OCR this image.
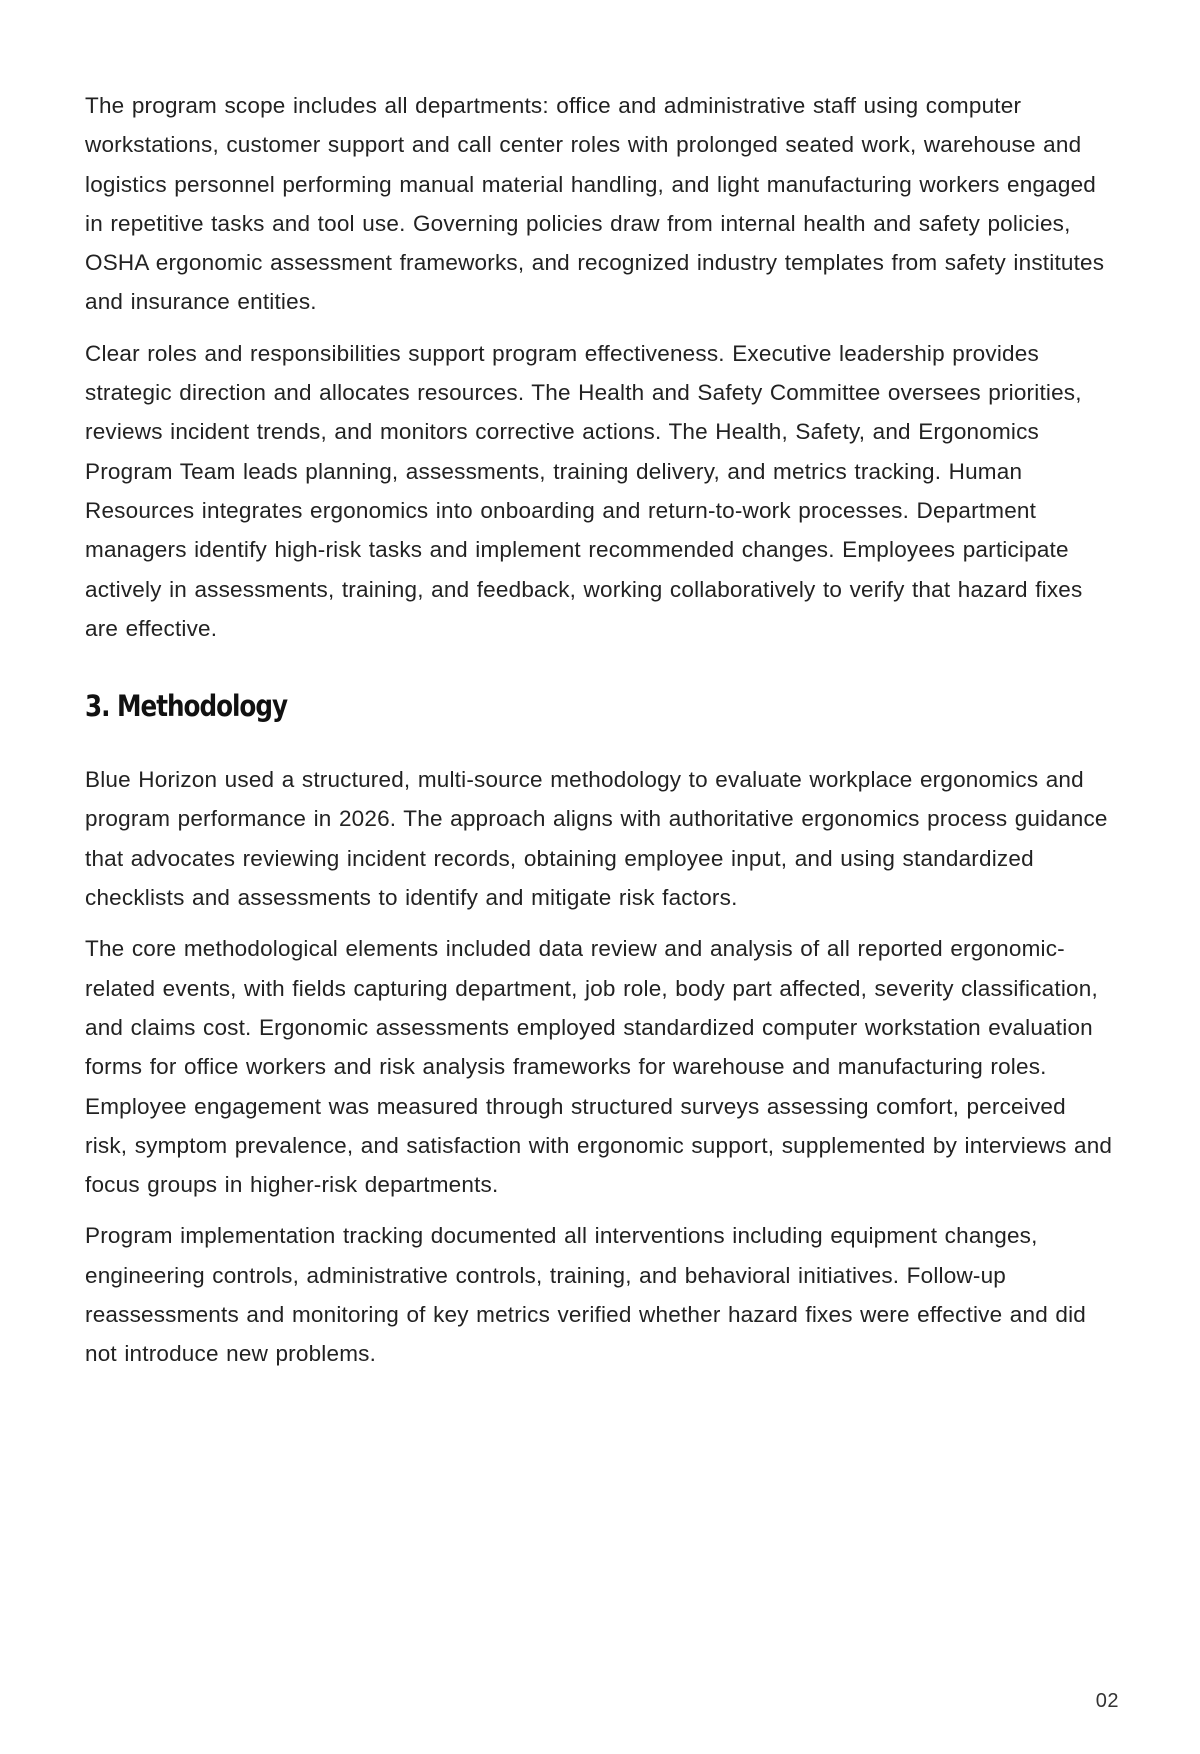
The program scope includes all departments: office and administrative staff using computer workstations, customer support and call center roles with prolonged seated work, warehouse and logistics personnel performing manual material handling, and light manufacturing workers engaged in repetitive tasks and tool use. Governing policies draw from internal health and safety policies, OSHA ergonomic assessment frameworks, and recognized industry templates from safety institutes and insurance entities.

Clear roles and responsibilities support program effectiveness. Executive leadership provides strategic direction and allocates resources. The Health and Safety Committee oversees priorities, reviews incident trends, and monitors corrective actions. The Health, Safety, and Ergonomics Program Team leads planning, assessments, training delivery, and metrics tracking. Human Resources integrates ergonomics into onboarding and return-to-work processes. Department managers identify high-risk tasks and implement recommended changes. Employees participate actively in assessments, training, and feedback, working collaboratively to verify that hazard fixes are effective.

3. Methodology

Blue Horizon used a structured, multi-source methodology to evaluate workplace ergonomics and program performance in 2026. The approach aligns with authoritative ergonomics process guidance that advocates reviewing incident records, obtaining employee input, and using standardized checklists and assessments to identify and mitigate risk factors.

The core methodological elements included data review and analysis of all reported ergonomic-related events, with fields capturing department, job role, body part affected, severity classification, and claims cost. Ergonomic assessments employed standardized computer workstation evaluation forms for office workers and risk analysis frameworks for warehouse and manufacturing roles. Employee engagement was measured through structured surveys assessing comfort, perceived risk, symptom prevalence, and satisfaction with ergonomic support, supplemented by interviews and focus groups in higher-risk departments.

Program implementation tracking documented all interventions including equipment changes, engineering controls, administrative controls, training, and behavioral initiatives. Follow-up reassessments and monitoring of key metrics verified whether hazard fixes were effective and did not introduce new problems.

02
